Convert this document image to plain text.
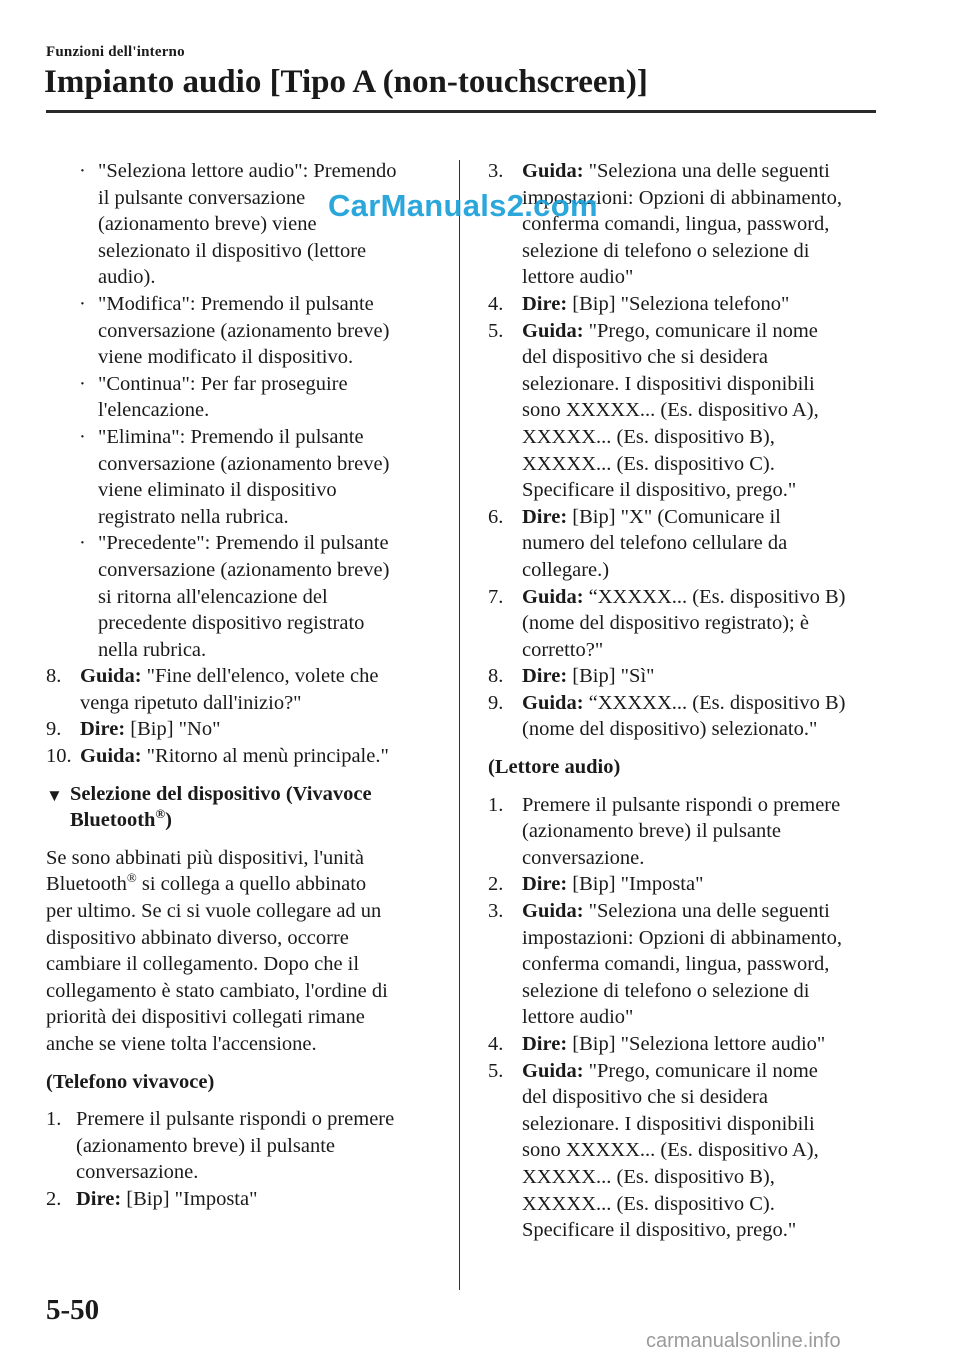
Funzioni dell'interno
Impianto audio [Tipo A (non-touchscreen)]
· "Seleziona lettore audio": Premendo
il pulsante conversazione
(azionamento breve) viene
selezionato il dispositivo (lettore
audio).
· "Modifica": Premendo il pulsante
conversazione (azionamento breve)
viene modificato il dispositivo.
· "Continua": Per far proseguire
l'elencazione.
· "Elimina": Premendo il pulsante
conversazione (azionamento breve)
viene eliminato il dispositivo
registrato nella rubrica.
· "Precedente": Premendo il pulsante
conversazione (azionamento breve)
si ritorna all'elencazione del
precedente dispositivo registrato
nella rubrica.
8. Guida: "Fine dell'elenco, volete che
venga ripetuto dall'inizio?"
9. Dire: [Bip] "No"
10. Guida: "Ritorno al menù principale."
▼ Selezione del dispositivo (Vivavoce
Bluetooth®)
Se sono abbinati più dispositivi, l'unità
Bluetooth® si collega a quello abbinato
per ultimo. Se ci si vuole collegare ad un
dispositivo abbinato diverso, occorre
cambiare il collegamento. Dopo che il
collegamento è stato cambiato, l'ordine di
priorità dei dispositivi collegati rimane
anche se viene tolta l'accensione.
(Telefono vivavoce)
1. Premere il pulsante rispondi o premere
(azionamento breve) il pulsante
conversazione.
2. Dire: [Bip] "Imposta"
3. Guida: "Seleziona una delle seguenti
impostazioni: Opzioni di abbinamento,
conferma comandi, lingua, password,
selezione di telefono o selezione di
lettore audio"
4. Dire: [Bip] "Seleziona telefono"
5. Guida: "Prego, comunicare il nome
del dispositivo che si desidera
selezionare. I dispositivi disponibili
sono XXXXX... (Es. dispositivo A),
XXXXX... (Es. dispositivo B),
XXXXX... (Es. dispositivo C).
Specificare il dispositivo, prego."
6. Dire: [Bip] "X" (Comunicare il
numero del telefono cellulare da
collegare.)
7. Guida: “XXXXX... (Es. dispositivo B)
(nome del dispositivo registrato); è
corretto?"
8. Dire: [Bip] "Sì"
9. Guida: “XXXXX... (Es. dispositivo B)
(nome del dispositivo) selezionato."
(Lettore audio)
1. Premere il pulsante rispondi o premere
(azionamento breve) il pulsante
conversazione.
2. Dire: [Bip] "Imposta"
3. Guida: "Seleziona una delle seguenti
impostazioni: Opzioni di abbinamento,
conferma comandi, lingua, password,
selezione di telefono o selezione di
lettore audio"
4. Dire: [Bip] "Seleziona lettore audio"
5. Guida: "Prego, comunicare il nome
del dispositivo che si desidera
selezionare. I dispositivi disponibili
sono XXXXX... (Es. dispositivo A),
XXXXX... (Es. dispositivo B),
XXXXX... (Es. dispositivo C).
Specificare il dispositivo, prego."
CarManuals2.com
5-50
carmanualsonline.info
